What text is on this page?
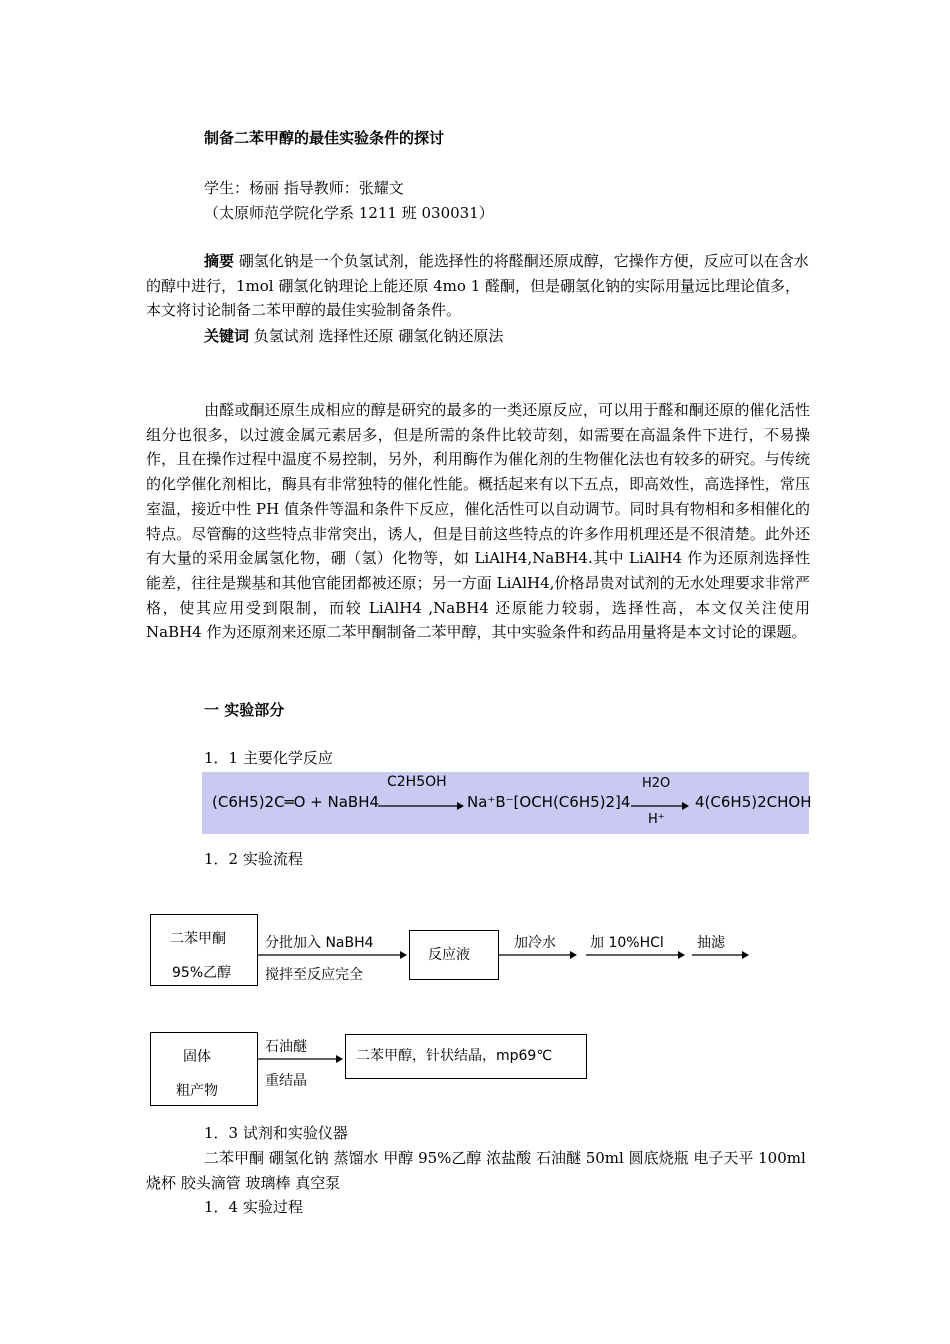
制备二苯甲醇的最佳实验条件的探讨
学生：杨丽 指导教师：张耀文
（太原师范学院化学系 1211 班 030031）
摘要 硼氢化钠是一个负氢试剂，能选择性的将醛酮还原成醇，它操作方便，反应可以在含水的醇中进行，1mol 硼氢化钠理论上能还原 4mo 1 醛酮，但是硼氢化钠的实际用量远比理论值多，本文将讨论制备二苯甲醇的最佳实验制备条件。
关键词 负氢试剂 选择性还原 硼氢化钠还原法
由醛或酮还原生成相应的醇是研究的最多的一类还原反应，可以用于醛和酮还原的催化活性组分也很多，以过渡金属元素居多，但是所需的条件比较苛刻，如需要在高温条件下进行，不易操作，且在操作过程中温度不易控制，另外，利用酶作为催化剂的生物催化法也有较多的研究。与传统的化学催化剂相比，酶具有非常独特的催化性能。概括起来有以下五点，即高效性，高选择性，常压室温，接近中性 PH 值条件等温和条件下反应，催化活性可以自动调节。同时具有物相和多相催化的特点。尽管酶的这些特点非常突出，诱人，但是目前这些特点的许多作用机理还是不很清楚。此外还有大量的采用金属氢化物，硼（氢）化物等，如 LiAlH4,NaBH4.其中 LiAlH4 作为还原剂选择性能差，往往是羰基和其他官能团都被还原；另一方面 LiAlH4,价格昂贵对试剂的无水处理要求非常严格，使其应用受到限制，而较 LiAlH4 ,NaBH4 还原能力较弱，选择性高，本文仅关注使用 NaBH4 作为还原剂来还原二苯甲酮制备二苯甲醇，其中实验条件和药品用量将是本文讨论的课题。
一 实验部分
1．1 主要化学反应
(C6H5)2C═O + NaBH4
C2H5OH
Na⁺B⁻[OCH(C6H5)2]4
H2O
H⁺
4(C6H5)2CHOH
1．2 实验流程
二苯甲酮
95%乙醇
分批加入 NaBH4
搅拌至反应完全
反应液
加冷水 加 10%HCl 抽滤
固体
粗产物
石油醚
重结晶
二苯甲醇，针状结晶，mp69℃
1．3 试剂和实验仪器
二苯甲酮 硼氢化钠 蒸馏水 甲醇 95%乙醇 浓盐酸 石油醚 50ml 圆底烧瓶 电子天平 100ml 烧杯 胶头滴管 玻璃棒 真空泵
1．4 实验过程
